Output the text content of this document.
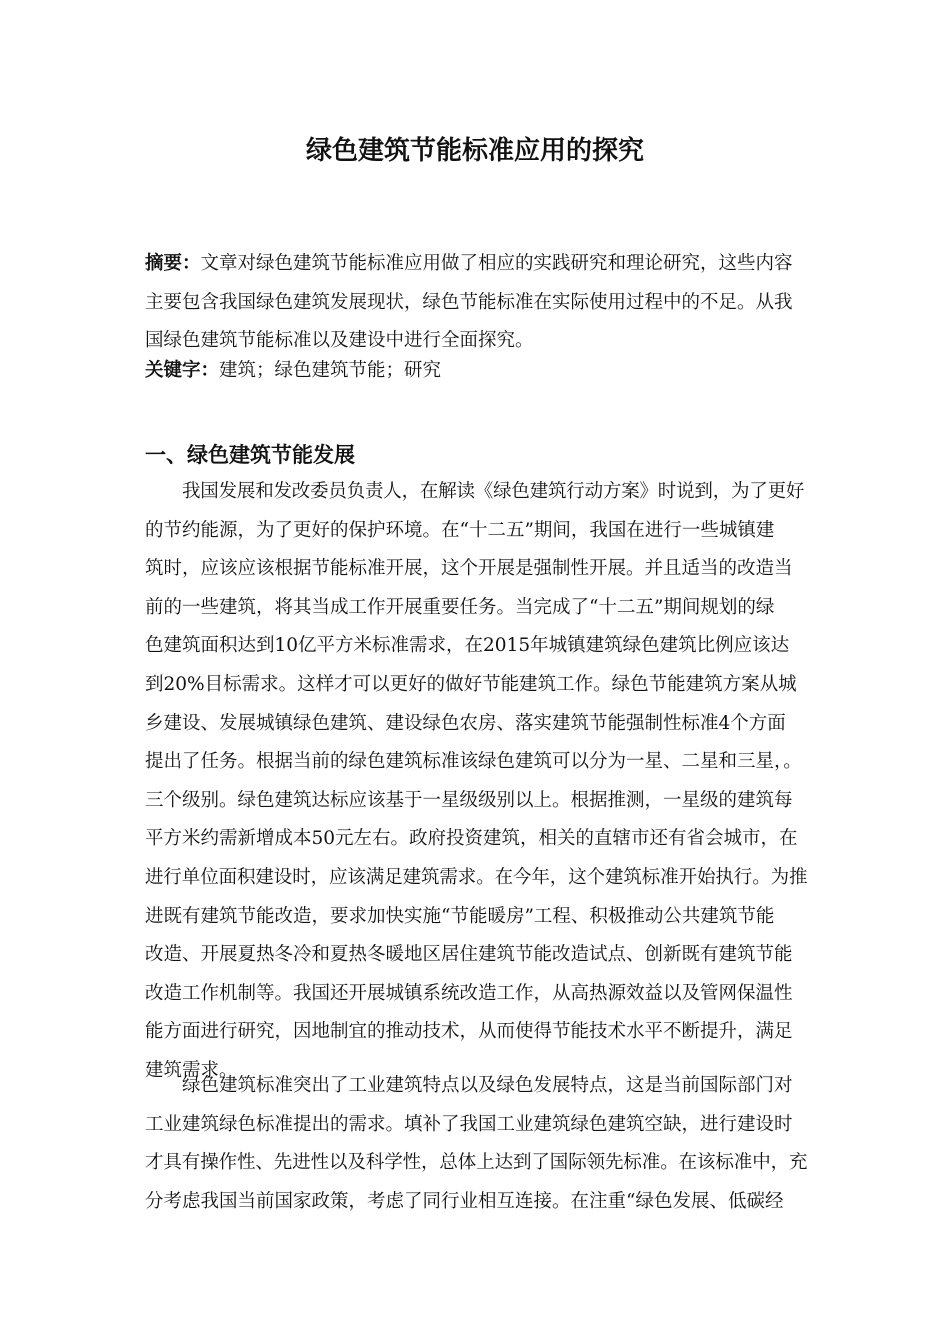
绿色建筑节能标准应用的探究
摘要：文章对绿色建筑节能标准应用做了相应的实践研究和理论研究，这些内容
主要包含我国绿色建筑发展现状，绿色节能标准在实际使用过程中的不足。从我
国绿色建筑节能标准以及建设中进行全面探究。
关键字：建筑；绿色建筑节能；研究
一、绿色建筑节能发展
我国发展和发改委员负责人，在解读《绿色建筑行动方案》时说到，为了更好
的节约能源，为了更好的保护环境。在“十二五”期间，我国在进行一些城镇建
筑时，应该应该根据节能标准开展，这个开展是强制性开展。并且适当的改造当
前的一些建筑，将其当成工作开展重要任务。当完成了“十二五”期间规划的绿
色建筑面积达到10亿平方米标准需求，在2015年城镇建筑绿色建筑比例应该达
到20%目标需求。这样才可以更好的做好节能建筑工作。绿色节能建筑方案从城
乡建设、发展城镇绿色建筑、建设绿色农房、落实建筑节能强制性标准4个方面
提出了任务。根据当前的绿色建筑标准该绿色建筑可以分为一星、二星和三星，。
三个级别。绿色建筑达标应该基于一星级级别以上。根据推测，一星级的建筑每
平方米约需新增成本50元左右。政府投资建筑，相关的直辖市还有省会城市，在
进行单位面积建设时，应该满足建筑需求。在今年，这个建筑标准开始执行。为推
进既有建筑节能改造，要求加快实施“节能暖房”工程、积极推动公共建筑节能
改造、开展夏热冬冷和夏热冬暖地区居住建筑节能改造试点、创新既有建筑节能
改造工作机制等。我国还开展城镇系统改造工作，从高热源效益以及管网保温性
能方面进行研究，因地制宜的推动技术，从而使得节能技术水平不断提升，满足
建筑需求。
绿色建筑标准突出了工业建筑特点以及绿色发展特点，这是当前国际部门对
工业建筑绿色标准提出的需求。填补了我国工业建筑绿色建筑空缺，进行建设时
才具有操作性、先进性以及科学性，总体上达到了国际领先标准。在该标准中，充
分考虑我国当前国家政策，考虑了同行业相互连接。在注重“绿色发展、低碳经
